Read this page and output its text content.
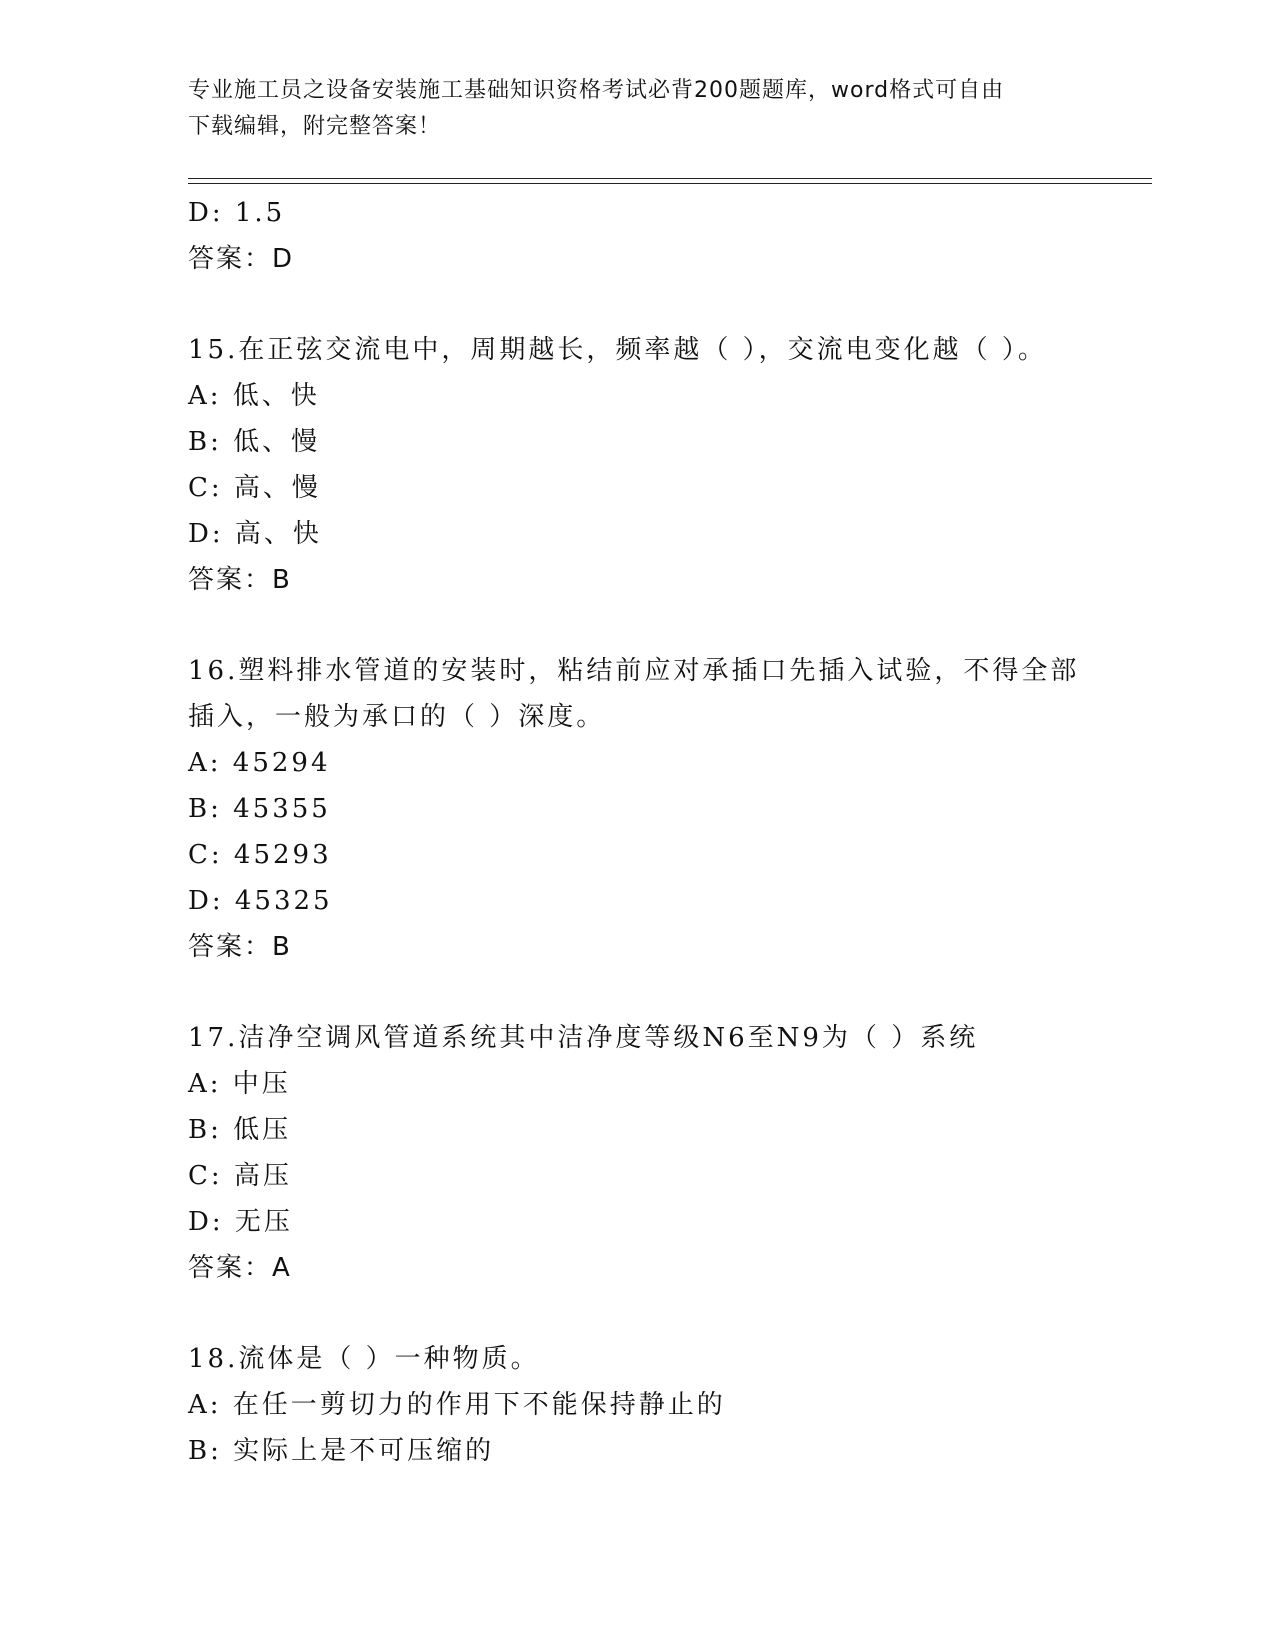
专业施工员之设备安装施工基础知识资格考试必背200题题库，word格式可自由
下载编辑，附完整答案！
D: 1.5
答案：D
15.在正弦交流电中，周期越长，频率越（ ），交流电变化越（ ）。
A: 低、快
B: 低、慢
C: 高、慢
D: 高、快
答案：B
16.塑料排水管道的安装时，粘结前应对承插口先插入试验，不得全部
插入，一般为承口的（ ）深度。
A: 45294
B: 45355
C: 45293
D: 45325
答案：B
17.洁净空调风管道系统其中洁净度等级N6至N9为（ ）系统
A: 中压
B: 低压
C: 高压
D: 无压
答案：A
18.流体是（ ）一种物质。
A: 在任一剪切力的作用下不能保持静止的
B: 实际上是不可压缩的
